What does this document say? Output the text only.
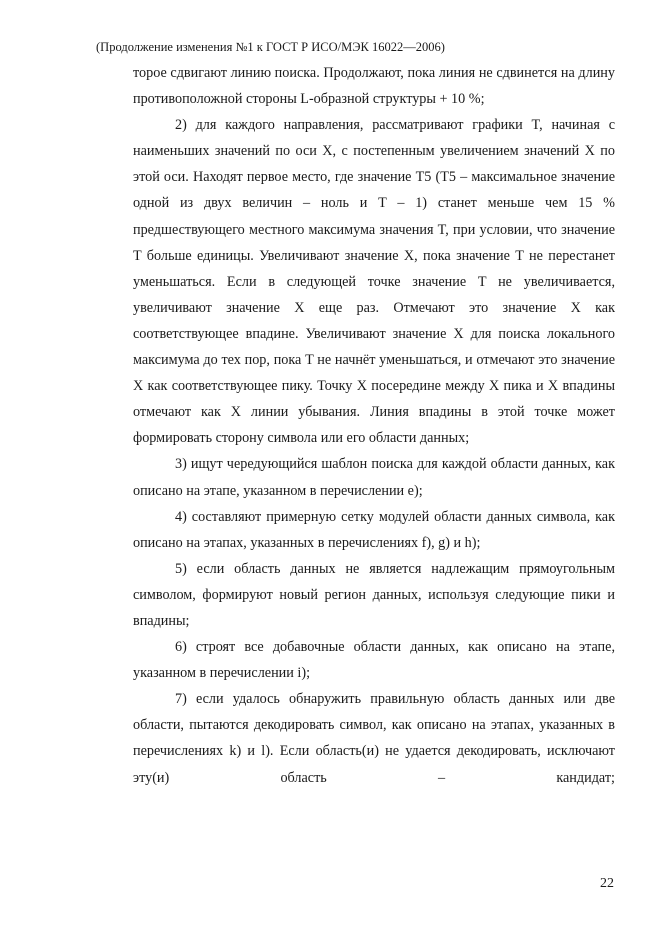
(Продолжение изменения №1 к ГОСТ Р ИСО/МЭК 16022—2006)

торое сдвигают линию поиска. Продолжают, пока линия не сдвинется на длину противоположной стороны L-образной структуры + 10 %;

2) для каждого направления, рассматривают графики T, начиная с наименьших значений по оси X, с постепенным увеличением значений X по этой оси. Находят первое место, где значение T5 (T5 – максимальное значение одной из двух величин – ноль и T – 1) станет меньше чем 15 % предшествующего местного максимума значения T, при условии, что значение T больше единицы. Увеличивают значение X, пока значение T не перестанет уменьшаться. Если в следующей точке значение T не увеличивается, увеличивают значение X еще раз. Отмечают это значение X как соответствующее впадине. Увеличивают значение X для поиска локального максимума до тех пор, пока T не начнёт уменьшаться, и отмечают это значение X как соответствующее пику. Точку X посередине между X пика и X впадины отмечают как X линии убывания. Линия впадины в этой точке может формировать сторону символа или его области данных;

3) ищут чередующийся шаблон поиска для каждой области данных, как описано на этапе, указанном в перечислении e);

4) составляют примерную сетку модулей области данных символа, как описано на этапах, указанных в перечислениях f), g) и h);

5) если область данных не является надлежащим прямоугольным символом, формируют новый регион данных, используя следующие пики и впадины;

6) строят все добавочные области данных, как описано на этапе, указанном в перечислении i);

7) если удалось обнаружить правильную область данных или две области, пытаются декодировать символ, как описано на этапах, указанных в перечислениях k) и l). Если область(и) не удается декодировать, исключают эту(и) область – кандидат;

22
